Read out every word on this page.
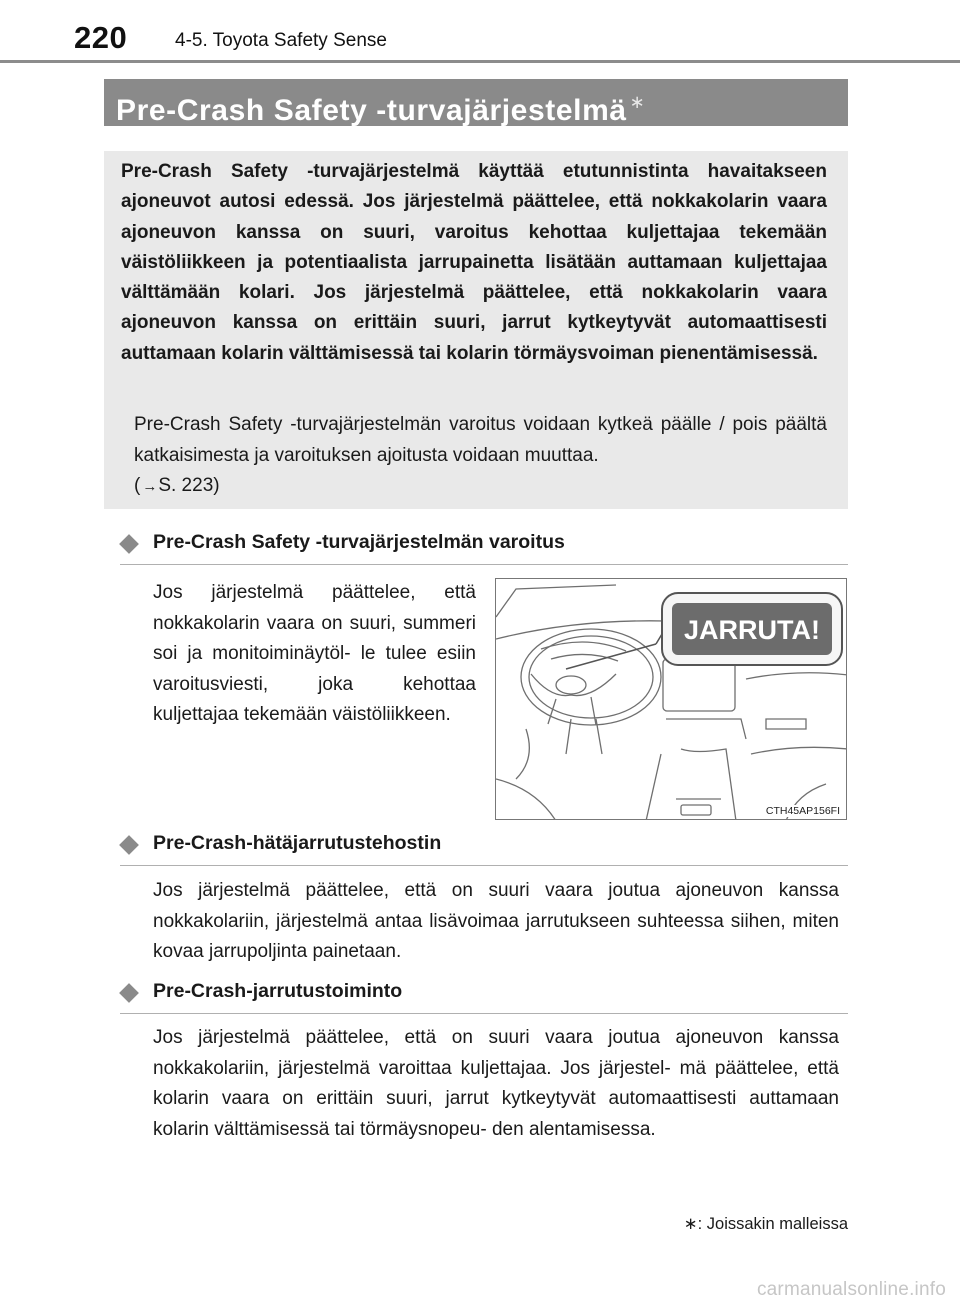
220	4-5. Toyota Safety Sense
Pre-Crash Safety -turvajärjestelmä ∗
Pre-Crash Safety -turvajärjestelmä käyttää etutunnistinta havaitakseen ajoneuvot autosi edessä. Jos järjestelmä päättelee, että nokkakolarin vaara ajoneuvon kanssa on suuri, varoitus kehottaa kuljettajaa tekemään väistöliikkeen ja potentiaalista jarrupainetta lisätään auttamaan kuljettajaa välttämään kolari. Jos järjestelmä päättelee, että nokkakolarin vaara ajoneuvon kanssa on erittäin suuri, jarrut kytkeytyvät automaattisesti auttamaan kolarin välttämisessä tai kolarin törmäysvoiman pienentämisessä.
Pre-Crash Safety -turvajärjestelmän varoitus voidaan kytkeä päälle / pois päältä katkaisimesta ja varoituksen ajoitusta voidaan muuttaa.
( →S. 223)
Pre-Crash Safety -turvajärjestelmän varoitus
Jos järjestelmä päättelee, että nokkakolarin vaara on suuri, summeri soi ja monitoiminäytöl- le tulee esiin varoitusviesti, joka kehottaa kuljettajaa tekemään väistöliikkeen.
JARRUTA!
CTH45AP156FI
Pre-Crash-hätäjarrutustehostin
Jos järjestelmä päättelee, että on suuri vaara joutua ajoneuvon kanssa nokkakolariin, järjestelmä antaa lisävoimaa jarrutukseen suhteessa siihen, miten kovaa jarrupoljinta painetaan.
Pre-Crash-jarrutustoiminto
Jos järjestelmä päättelee, että on suuri vaara joutua ajoneuvon kanssa nokkakolariin, järjestelmä varoittaa kuljettajaa. Jos järjestel- mä päättelee, että kolarin vaara on erittäin suuri, jarrut kytkeytyvät automaattisesti auttamaan kolarin välttämisessä tai törmäysnopeu- den alentamisessa.
∗: Joissakin malleissa
carmanualsonline.info
